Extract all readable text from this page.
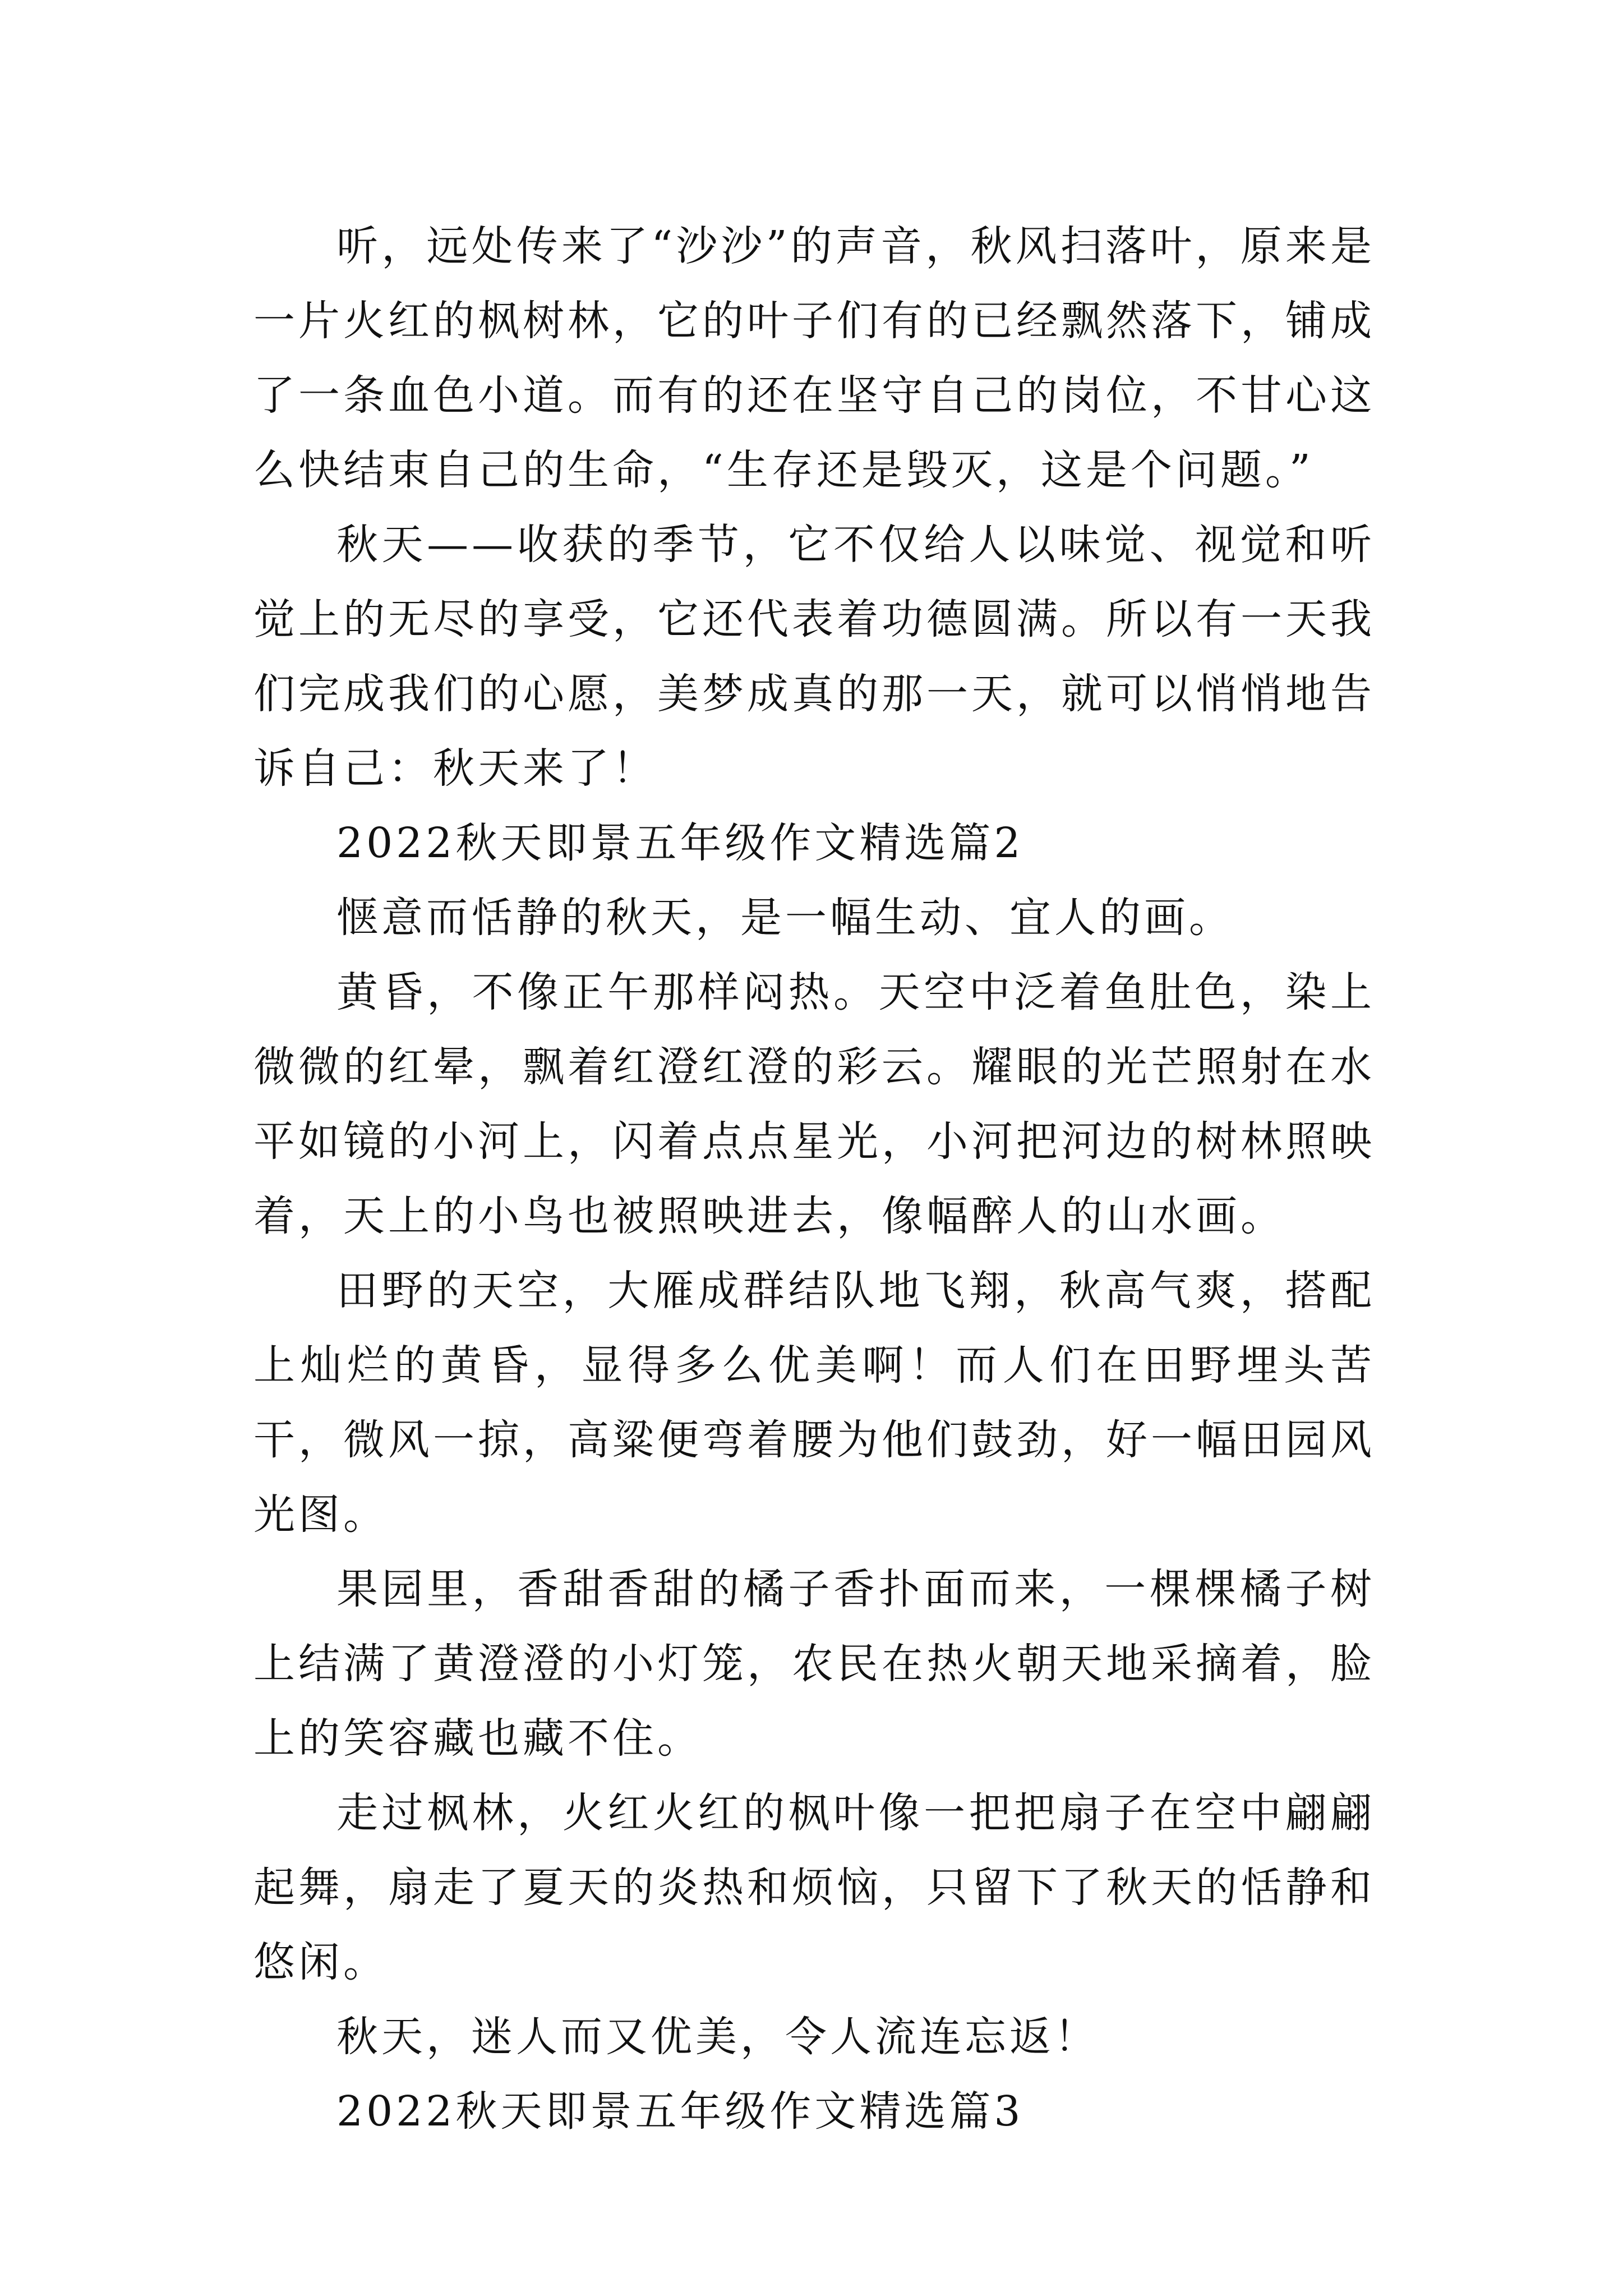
听，远处传来了“沙沙”的声音，秋风扫落叶，原来是一片火红的枫树林，它的叶子们有的已经飘然落下，铺成了一条血色小道。而有的还在坚守自己的岗位，不甘心这么快结束自己的生命，“生存还是毁灭，这是个问题。”

秋天——收获的季节，它不仅给人以味觉、视觉和听觉上的无尽的享受，它还代表着功德圆满。所以有一天我们完成我们的心愿，美梦成真的那一天，就可以悄悄地告诉自己：秋天来了！

2022秋天即景五年级作文精选篇2

惬意而恬静的秋天，是一幅生动、宜人的画。

黄昏，不像正午那样闷热。天空中泛着鱼肚色，染上微微的红晕，飘着红澄红澄的彩云。耀眼的光芒照射在水平如镜的小河上，闪着点点星光，小河把河边的树林照映着，天上的小鸟也被照映进去，像幅醉人的山水画。

田野的天空，大雁成群结队地飞翔，秋高气爽，搭配上灿烂的黄昏，显得多么优美啊！而人们在田野埋头苦干，微风一掠，高粱便弯着腰为他们鼓劲，好一幅田园风光图。

果园里，香甜香甜的橘子香扑面而来，一棵棵橘子树上结满了黄澄澄的小灯笼，农民在热火朝天地采摘着，脸上的笑容藏也藏不住。

走过枫林，火红火红的枫叶像一把把扇子在空中翩翩起舞，扇走了夏天的炎热和烦恼，只留下了秋天的恬静和悠闲。

秋天，迷人而又优美，令人流连忘返！

2022秋天即景五年级作文精选篇3
